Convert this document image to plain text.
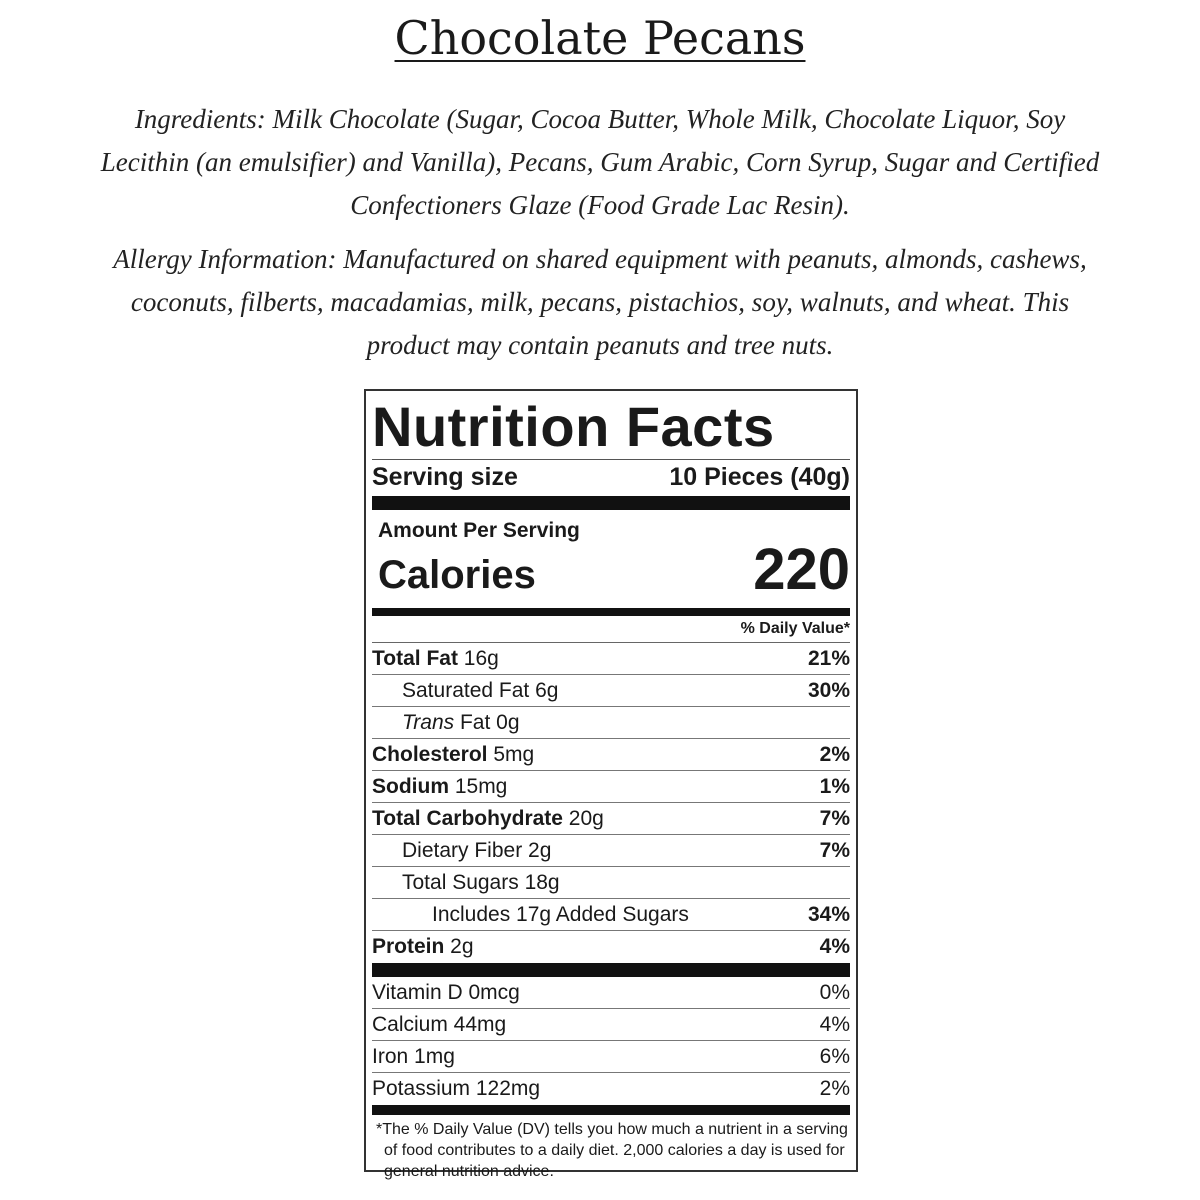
Chocolate Pecans
Ingredients: Milk Chocolate (Sugar, Cocoa Butter, Whole Milk, Chocolate Liquor, Soy Lecithin (an emulsifier) and Vanilla), Pecans, Gum Arabic, Corn Syrup, Sugar and Certified Confectioners Glaze (Food Grade Lac Resin).
Allergy Information: Manufactured on shared equipment with peanuts, almonds, cashews, coconuts, filberts, macadamias, milk, pecans, pistachios, soy, walnuts, and wheat. This product may contain peanuts and tree nuts.
Nutrition Facts
Serving size	10 Pieces (40g)
Amount Per Serving
Calories	220
% Daily Value*
Total Fat 16g	21%
Saturated Fat 6g	30%
Trans Fat 0g
Cholesterol 5mg	2%
Sodium 15mg	1%
Total Carbohydrate 20g	7%
Dietary Fiber 2g	7%
Total Sugars 18g
Includes 17g Added Sugars	34%
Protein 2g	4%
Vitamin D 0mcg	0%
Calcium 44mg	4%
Iron 1mg	6%
Potassium 122mg	2%
*The % Daily Value (DV) tells you how much a nutrient in a serving of food contributes to a daily diet. 2,000 calories a day is used for general nutrition advice.
